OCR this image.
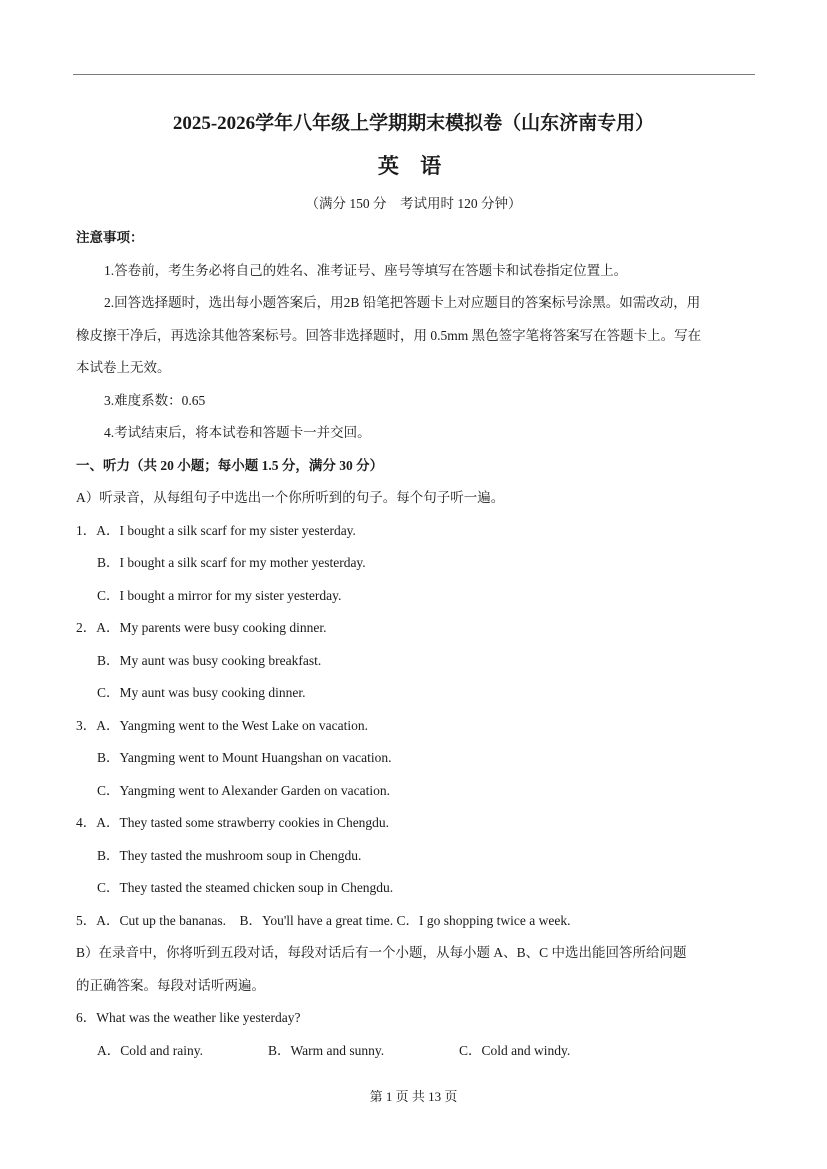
2025-2026学年八年级上学期期末模拟卷（山东济南专用）
英 语
（满分 150 分　考试用时 120 分钟）
注意事项：
1.答卷前，考生务必将自己的姓名、准考证号、座号等填写在答题卡和试卷指定位置上。
2.回答选择题时，选出每小题答案后，用2B 铅笔把答题卡上对应题目的答案标号涂黑。如需改动，用
橡皮擦干净后，再选涂其他答案标号。回答非选择题时，用 0.5mm 黑色签字笔将答案写在答题卡上。写在
本试卷上无效。
3.难度系数：0.65
4.考试结束后，将本试卷和答题卡一并交回。
一、听力（共 20 小题；每小题 1.5 分，满分 30 分）
A）听录音，从每组句子中选出一个你所听到的句子。每个句子听一遍。
1．A．I bought a silk scarf for my sister yesterday.
B．I bought a silk scarf for my mother yesterday.
C．I bought a mirror for my sister yesterday.
2．A．My parents were busy cooking dinner.
B．My aunt was busy cooking breakfast.
C．My aunt was busy cooking dinner.
3．A．Yangming went to the West Lake on vacation.
B．Yangming went to Mount Huangshan on vacation.
C．Yangming went to Alexander Garden on vacation.
4．A．They tasted some strawberry cookies in Chengdu.
B．They tasted the mushroom soup in Chengdu.
C．They tasted the steamed chicken soup in Chengdu.
5．A．Cut up the bananas.　B．You'll have a great time. C．I go shopping twice a week.
B）在录音中，你将听到五段对话，每段对话后有一个小题，从每小题 A、B、C 中选出能回答所给问题
的正确答案。每段对话听两遍。
6．What was the weather like yesterday?
A．Cold and rainy.	B．Warm and sunny.	C．Cold and windy.
第 1 页 共 13 页
